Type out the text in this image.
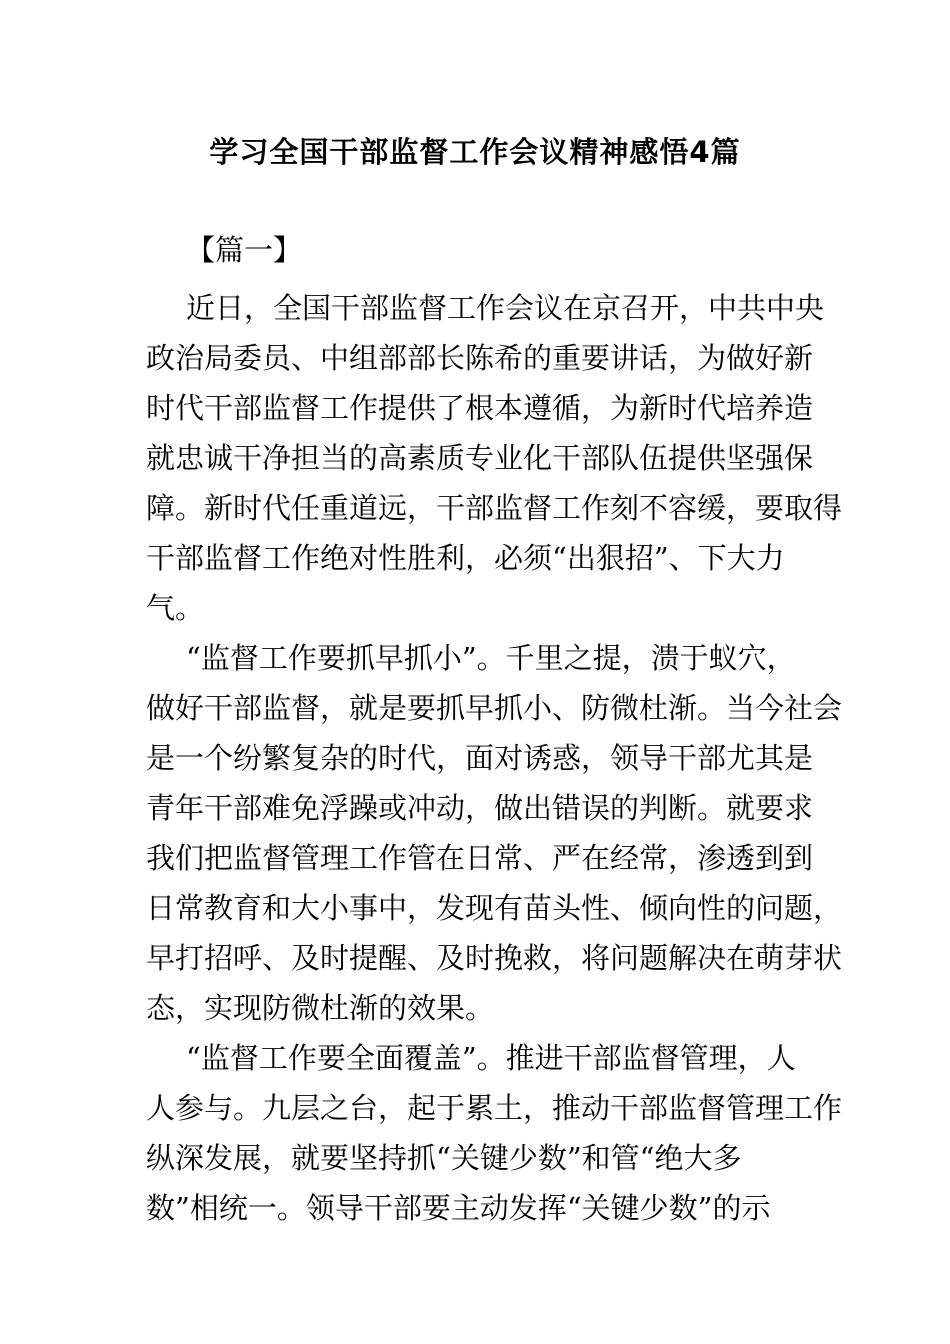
学习全国干部监督工作会议精神感悟4篇

【篇一】

近日，全国干部监督工作会议在京召开，中共中央
政治局委员、中组部部长陈希的重要讲话，为做好新
时代干部监督工作提供了根本遵循，为新时代培养造
就忠诚干净担当的高素质专业化干部队伍提供坚强保
障。新时代任重道远，干部监督工作刻不容缓，要取得
干部监督工作绝对性胜利，必须“出狠招”、下大力
气。

“监督工作要抓早抓小”。千里之提，溃于蚁穴，
做好干部监督，就是要抓早抓小、防微杜渐。当今社会
是一个纷繁复杂的时代，面对诱惑，领导干部尤其是
青年干部难免浮躁或冲动，做出错误的判断。就要求
我们把监督管理工作管在日常、严在经常，渗透到到
日常教育和大小事中，发现有苗头性、倾向性的问题，
早打招呼、及时提醒、及时挽救，将问题解决在萌芽状
态，实现防微杜渐的效果。

“监督工作要全面覆盖”。推进干部监督管理，人
人参与。九层之台，起于累土，推动干部监督管理工作
纵深发展，就要坚持抓“关键少数”和管“绝大多
数”相统一。领导干部要主动发挥“关键少数”的示
